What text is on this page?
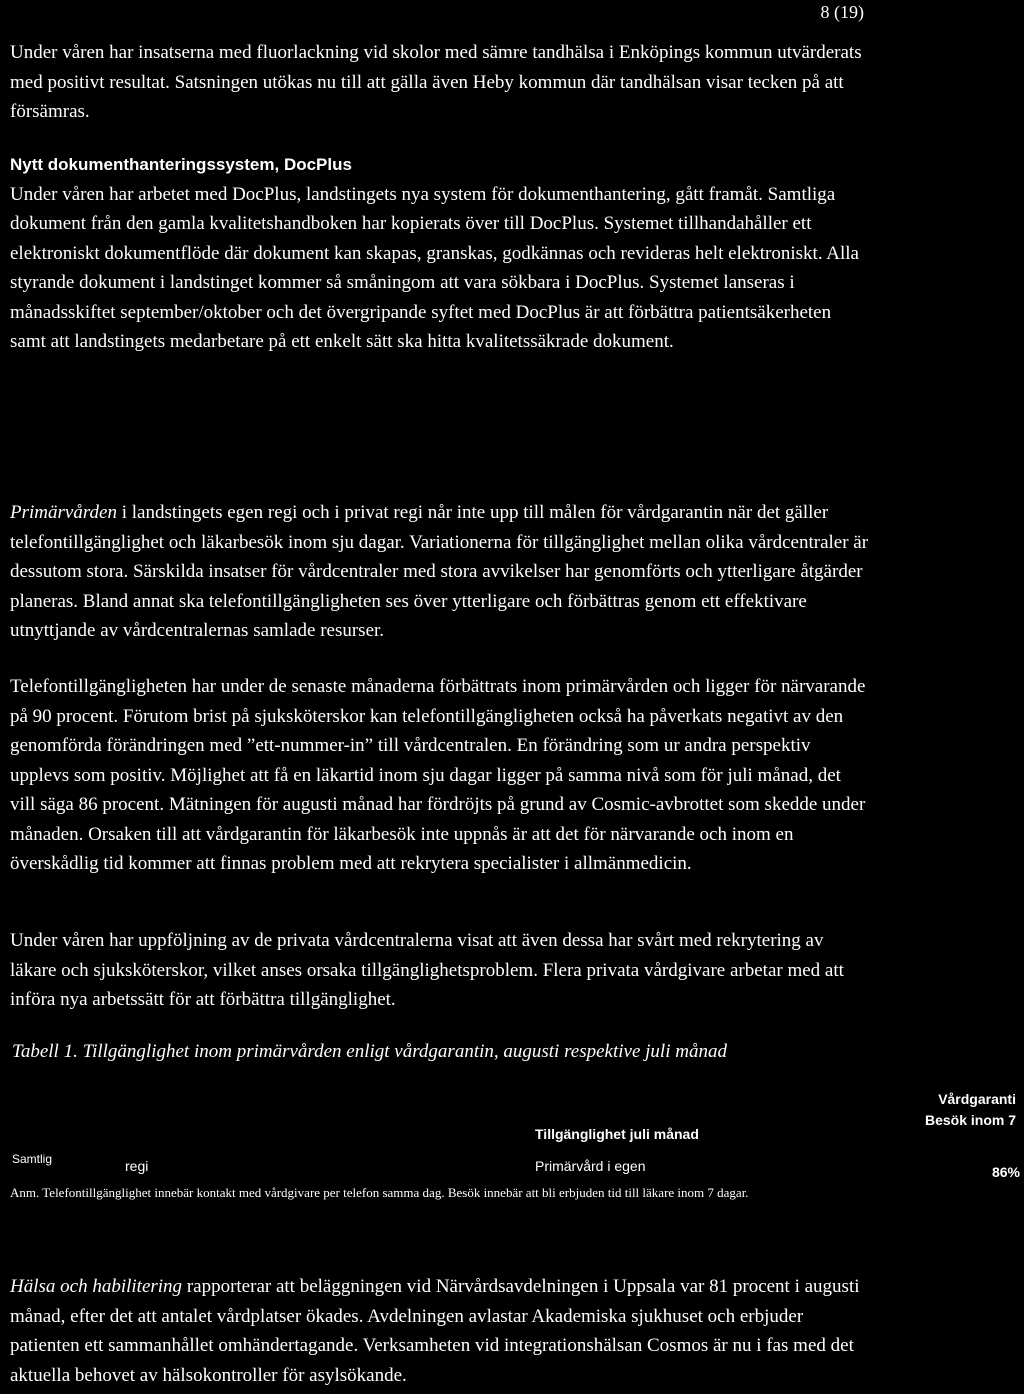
8 (19)
Under våren har insatserna med fluorlackning vid skolor med sämre tandhälsa i Enköpings kommun utvärderats med positivt resultat. Satsningen utökas nu till att gälla även Heby kommun där tandhälsan visar tecken på att försämras.
Nytt dokumenthanteringssystem, DocPlus
Under våren har arbetet med DocPlus, landstingets nya system för dokumenthantering, gått framåt. Samtliga dokument från den gamla kvalitetshandboken har kopierats över till DocPlus. Systemet tillhandahåller ett elektroniskt dokumentflöde där dokument kan skapas, granskas, godkännas och revideras helt elektroniskt. Alla styrande dokument i landstinget kommer så småningom att vara sökbara i DocPlus. Systemet lanseras i månadsskiftet september/oktober och det övergripande syftet med DocPlus är att förbättra patientsäkerheten samt att landstingets medarbetare på ett enkelt sätt ska hitta kvalitetssäkrade dokument.
Primärvården i landstingets egen regi och i privat regi når inte upp till målen för vårdgarantin när det gäller telefontillgänglighet och läkarbesök inom sju dagar. Variationerna för tillgänglighet mellan olika vårdcentraler är dessutom stora. Särskilda insatser för vårdcentraler med stora avvikelser har genomförts och ytterligare åtgärder planeras. Bland annat ska telefontillgängligheten ses över ytterligare och förbättras genom ett effektivare utnyttjande av vårdcentralernas samlade resurser.
Telefontillgängligheten har under de senaste månaderna förbättrats inom primärvården och ligger för närvarande på 90 procent. Förutom brist på sjuksköterskor kan telefontillgängligheten också ha påverkats negativt av den genomförda förändringen med ”ett-nummer-in” till vårdcentralen. En förändring som ur andra perspektiv upplevs som positiv. Möjlighet att få en läkartid inom sju dagar ligger på samma nivå som för juli månad, det vill säga 86 procent. Mätningen för augusti månad har fördröjts på grund av Cosmic-avbrottet som skedde under månaden. Orsaken till att vårdgarantin för läkarbesök inte uppnås är att det för närvarande och inom en överskådlig tid kommer att finnas problem med att rekrytera specialister i allmänmedicin.
Under våren har uppföljning av de privata vårdcentralerna visat att även dessa har svårt med rekrytering av läkare och sjuksköterskor, vilket anses orsaka tillgänglighetsproblem. Flera privata vårdgivare arbetar med att införa nya arbetssätt för att förbättra tillgänglighet.
Tabell 1. Tillgänglighet inom primärvården enligt vårdgarantin, augusti respektive juli månad
Vårdgaranti
Besök inom 7
Tillgänglighet juli månad
regi
Samtlig	Primärvård i egen	86%
Anm. Telefontillgänglighet innebär kontakt med vårdgivare per telefon samma dag. Besök innebär att bli erbjuden tid till läkare inom 7 dagar.
Hälsa och habilitering rapporterar att beläggningen vid Närvårdsavdelningen i Uppsala var 81 procent i augusti månad, efter det att antalet vårdplatser ökades. Avdelningen avlastar Akademiska sjukhuset och erbjuder patienten ett sammanhållet omhändertagande. Verksamheten vid integrationshälsan Cosmos är nu i fas med det aktuella behovet av hälsokontroller för asylsökande.
